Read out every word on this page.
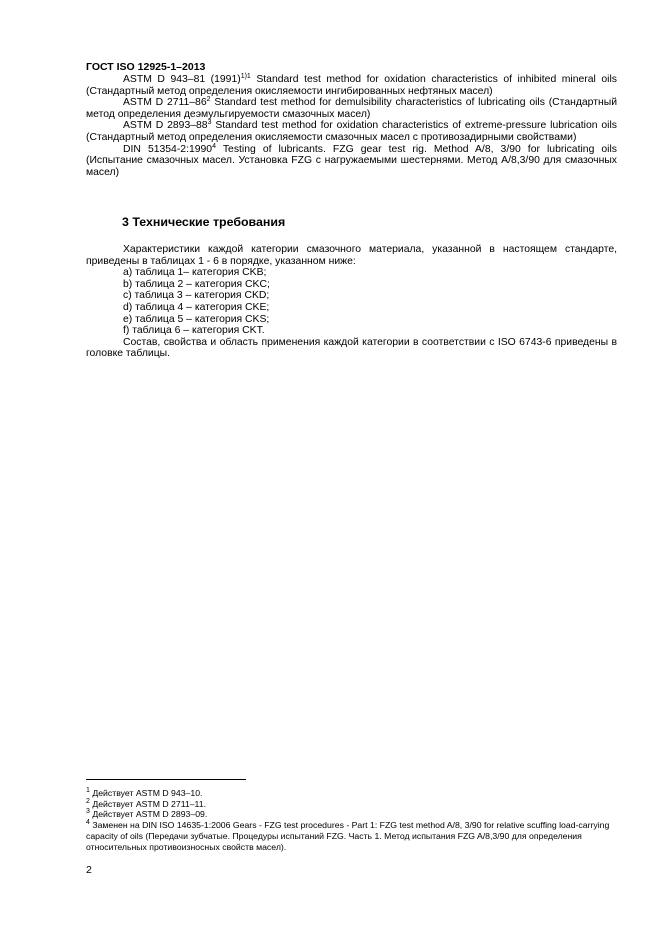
ГОСТ ISO 12925-1–2013

ASTM D 943–81 $(1991)^{1)1}$ Standard test method for oxidation characteristics of inhibited mineral oils (Стандартный метод определения окисляемости ингибированных нефтяных масел)

ASTM D $2711-86^2$ Standard test method for demulsibility characteristics of lubricating oils (Стандартный метод определения деэмульгируемости смазочных масел)

ASTM D $2893-88^3$ Standard test method for oxidation characteristics of extreme-pressure lubrication oils (Стандартный метод определения окисляемости смазочных масел с противозадирными свойствами)

DIN 51354-2:1990$^4$ Testing of lubricants. FZG gear test rig. Method A/8, 3/90 for lubricating oils (Испытание смазочных масел. Установка FZG с нагружаемыми шестернями. Метод A/8,3/90 для смазочных масел)

3 Технические требования

Характеристики каждой категории смазочного материала, указанной в настоящем стандарте, приведены в таблицах 1 - 6 в порядке, указанном ниже:

a) таблица 1– категория CKB;

b) таблица 2 – категория CKC;

c) таблица 3 – категория CKD;

d) таблица 4 – категория CKE;

e) таблица 5 – категория CKS;

f) таблица 6 – категория CKT.

Состав, свойства и область применения каждой категории в соответствии с ISO 6743-6 приведены в головке таблицы.

$^1$ Действует ASTM D 943–10.

$^2$ Действует ASTM D 2711–11.

$^3$ Действует ASTM D 2893–09.

$^4$ Заменен на DIN ISO 14635-1:2006 Gears - FZG test procedures - Part 1: FZG test method A/8, 3/90 for relative scuffing load-carrying capacity of oils (Передачи зубчатые. Процедуры испытаний FZG. Часть 1. Метод испытания FZG A/8,3/90 для определения относительных противоизносных свойств масел).

2
